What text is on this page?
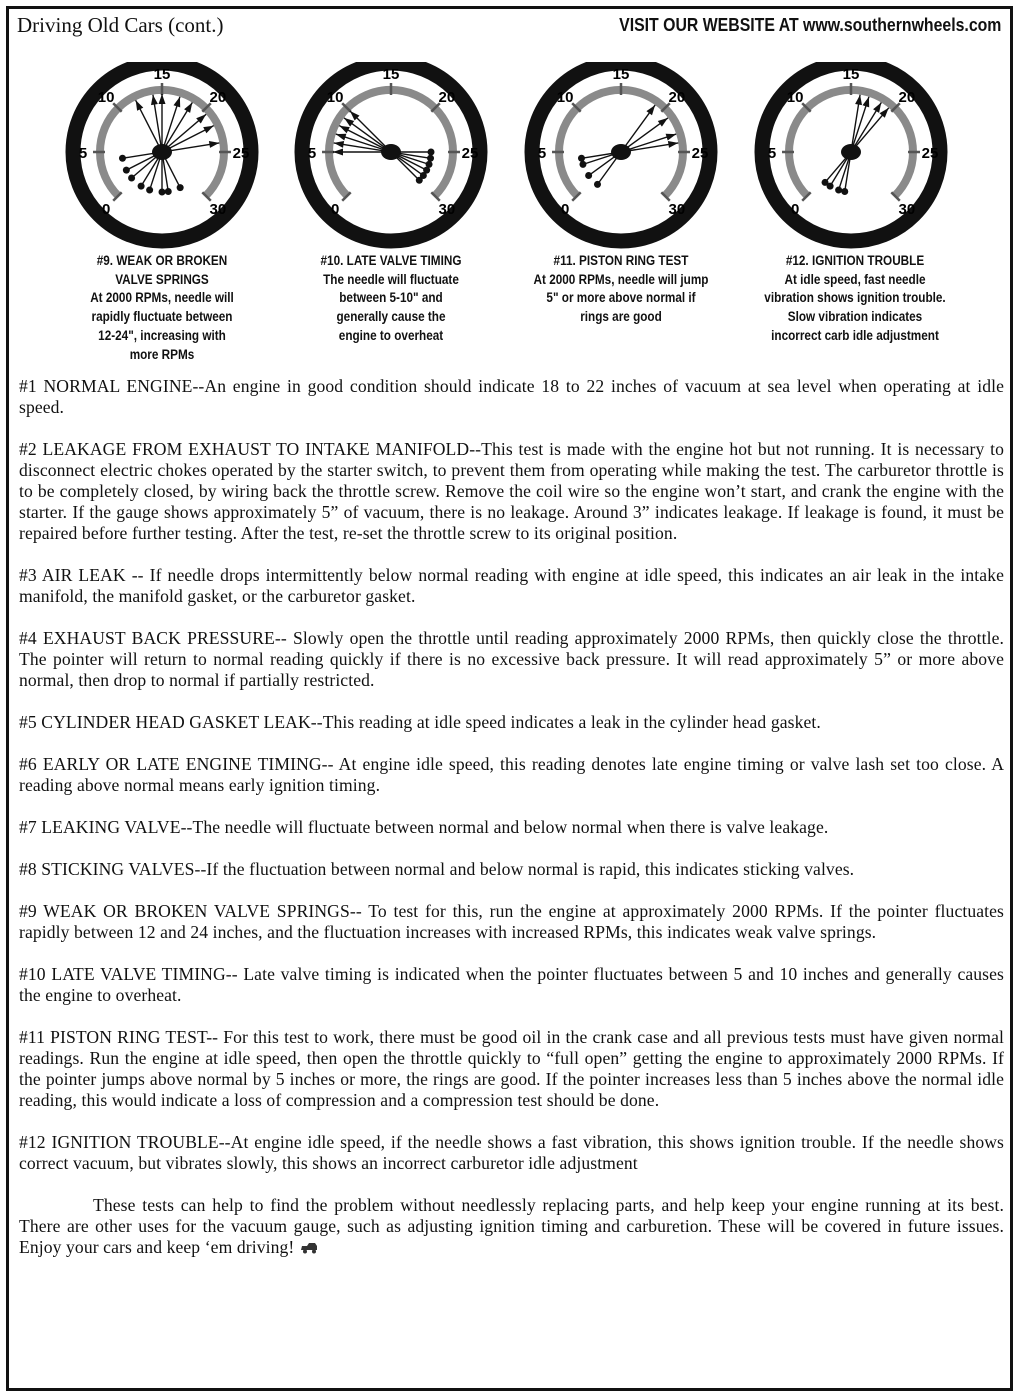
Driving Old Cars (cont.)	VISIT OUR WEBSITE AT www.southernwheels.com
0
5
10
15
20
25
30	0
5
10
15
20
25
30	0
5
10
15
20
25
30	0
5
10
15
20
25
30
#9. WEAK OR BROKEN
VALVE SPRINGS
At 2000 RPMs, needle will
rapidly fluctuate between
12-24", increasing with
more RPMs
#10. LATE VALVE TIMING
The needle will fluctuate
between 5-10" and
generally cause the
engine to overheat
#11. PISTON RING TEST
At 2000 RPMs, needle will jump
5" or more above normal if
rings are good
#12. IGNITION TROUBLE
At idle speed, fast needle
vibration shows ignition trouble.
Slow vibration indicates
incorrect carb idle adjustment

#1 NORMAL ENGINE--An engine in good condition should indicate 18 to 22 inches of vacuum at sea level when operating at idle speed.

#2 LEAKAGE FROM EXHAUST TO INTAKE MANIFOLD--This test is made with the engine hot but not running. It is necessary to disconnect electric chokes operated by the starter switch, to prevent them from operating while making the test. The carburetor throttle is to be completely closed, by wiring back the throttle screw. Remove the coil wire so the engine won’t start, and crank the engine with the starter. If the gauge shows approximately 5” of vacuum, there is no leakage. Around 3” indicates leakage. If leakage is found, it must be repaired before further testing. After the test, re-set the throttle screw to its original position.

#3 AIR LEAK -- If needle drops intermittently below normal reading with engine at idle speed, this indicates an air leak in the intake manifold, the manifold gasket, or the carburetor gasket.

#4 EXHAUST BACK PRESSURE-- Slowly open the throttle until reading approximately 2000 RPMs, then quickly close the throttle. The pointer will return to normal reading quickly if there is no excessive back pressure. It will read approximately 5” or more above normal, then drop to normal if partially restricted.

#5 CYLINDER HEAD GASKET LEAK--This reading at idle speed indicates a leak in the cylinder head gasket.

#6 EARLY OR LATE ENGINE TIMING-- At engine idle speed, this reading denotes late engine timing or valve lash set too close. A reading above normal means early ignition timing.

#7 LEAKING VALVE--The needle will fluctuate between normal and below normal when there is valve leakage.

#8 STICKING VALVES--If the fluctuation between normal and below normal is rapid, this indicates sticking valves.

#9 WEAK OR BROKEN VALVE SPRINGS-- To test for this, run the engine at approximately 2000 RPMs. If the pointer fluctuates rapidly between 12 and 24 inches, and the fluctuation increases with increased RPMs, this indicates weak valve springs.

#10 LATE VALVE TIMING-- Late valve timing is indicated when the pointer fluctuates between 5 and 10 inches and generally causes the engine to overheat.

#11 PISTON RING TEST-- For this test to work, there must be good oil in the crank case and all previous tests must have given normal readings. Run the engine at idle speed, then open the throttle quickly to “full open” getting the engine to approximately 2000 RPMs. If the pointer jumps above normal by 5 inches or more, the rings are good. If the pointer increases less than 5 inches above the normal idle reading, this would indicate a loss of compression and a compression test should be done.

#12 IGNITION TROUBLE--At engine idle speed, if the needle shows a fast vibration, this shows ignition trouble. If the needle shows correct vacuum, but vibrates slowly, this shows an incorrect carburetor idle adjustment

These tests can help to find the problem without needlessly replacing parts, and help keep your engine running at its best. There are other uses for the vacuum gauge, such as adjusting ignition timing and carburetion. These will be covered in future issues. Enjoy your cars and keep ‘em driving!
